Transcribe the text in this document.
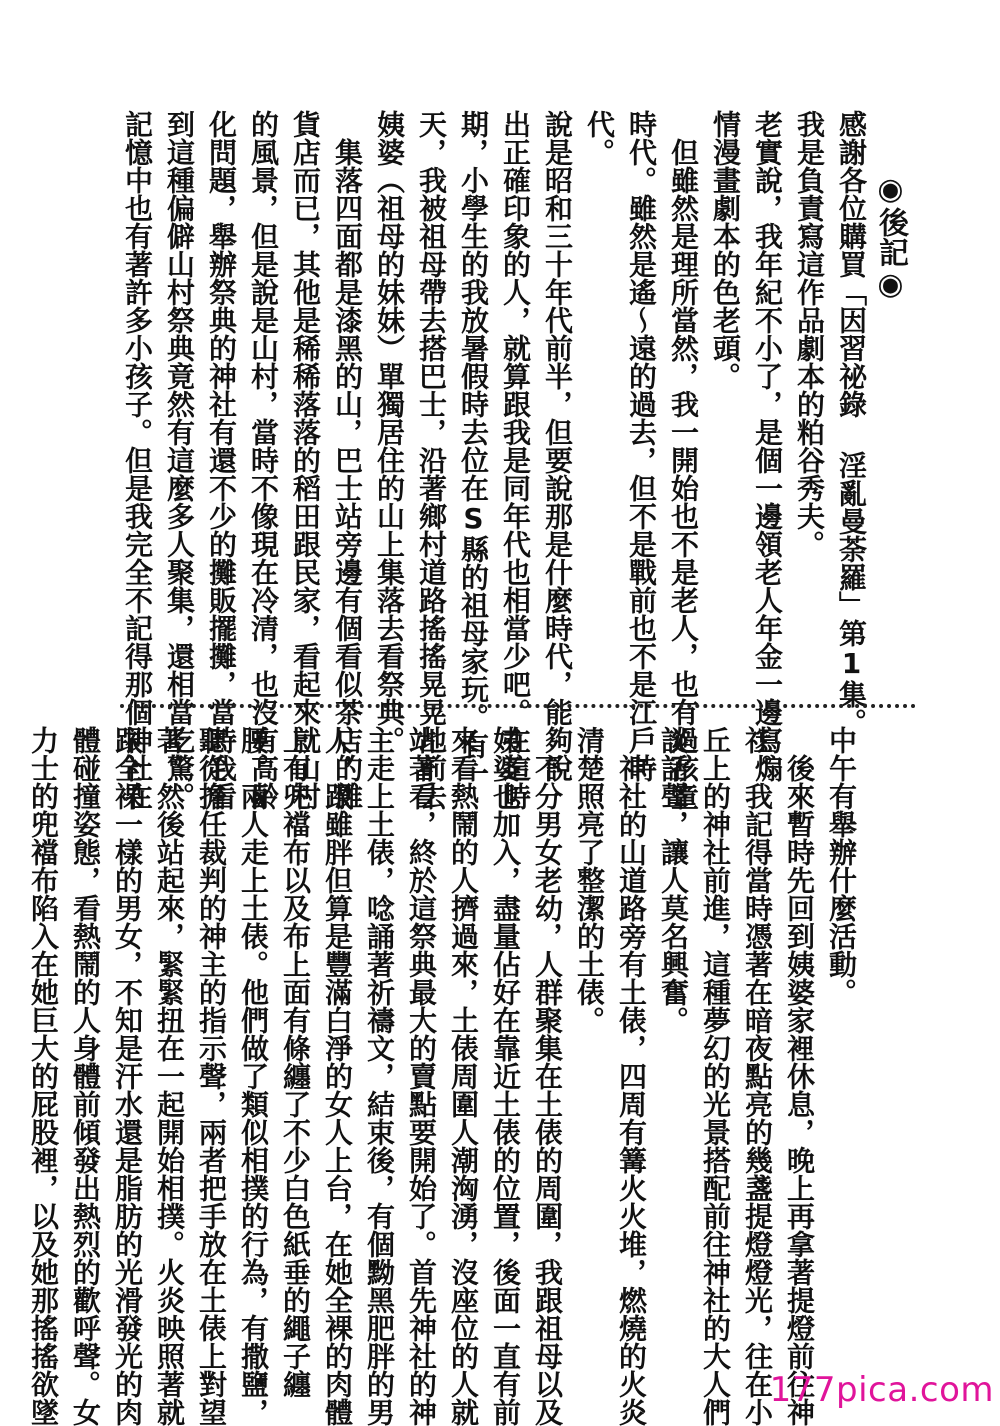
◉後記◉

感謝各位購買「因習祕錄 淫亂曼荼羅」第1集。

我是負責寫這作品劇本的粕谷秀夫。

老實說，我年紀不小了，是個一邊領老人年金一邊寫煽

情漫畫劇本的色老頭。

但雖然是理所當然，我一開始也不是老人，也有過孩童

時代。雖然是遙～遠的過去，但不是戰前也不是江戶時

代。

說是昭和三十年代前半，但要說那是什麼時代，能夠說

出正確印象的人，就算跟我是同年代也相當少吧。在這時

期，小學生的我放暑假時去位在S縣的祖母家玩。有一

天，我被祖母帶去搭巴士，沿著鄉村道路搖搖晃晃地前去

姨婆（祖母的妹妹）單獨居住的山上集落去看祭典。

集落四面都是漆黑的山，巴士站旁邊有個看似茶店的雜

貨店而已，其他是稀稀落落的稻田跟民家，看起來就山村

的風景，但是說是山村，當時不像現在冷清，也沒有高齡

化問題，舉辦祭典的神社有還不少的攤販擺攤，當時我看

到這種偏僻山村祭典竟然有這麼多人聚集，還相當吃驚。

記憶中也有著許多小孩子。但是我完全不記得那個神社在

中午有舉辦什麼活動。

後來暫時先回到姨婆家裡休息，晚上再拿著提燈前往神

社。我記得當時憑著在暗夜點亮的幾盞提燈燈光，往在小

丘上的神社前進，這種夢幻的光景搭配前往神社的大人們

談話聲，讓人莫名興奮。

神社的山道路旁有土俵，四周有篝火火堆，燃燒的火炎

清楚照亮了整潔的土俵。

不分男女老幼，人群聚集在土俵的周圍，我跟祖母以及

姨婆也加入，盡量佔好在靠近土俵的位置，後面一直有前

來看熱鬧的人擠過來，土俵周圍人潮洶湧，沒座位的人就

站著看，終於這祭典最大的賣點要開始了。首先神社的神

主走上土俵，唸誦著祈禱文，結束後，有個黝黑肥胖的男

人，跟雖胖但算是豐滿白淨的女人上台，在她全裸的肉體

上有兜襠布以及布上面有條纏了不少白色紙垂的繩子纏

腰。兩人走上土俵。他們做了類似相撲的行為，有撒鹽，

聽從擔任裁判的神主的指示聲，兩者把手放在土俵上對望

著，然後站起來，緊緊扭在一起開始相撲。火炎映照著就

跟全裸一樣的男女，不知是汗水還是脂肪的光滑發光的肉

體碰撞姿態，看熱鬧的人身體前傾發出熱烈的歡呼聲。女

力士的兜襠布陷入在她巨大的屁股裡，以及她那搖搖欲墜	177pica.com
